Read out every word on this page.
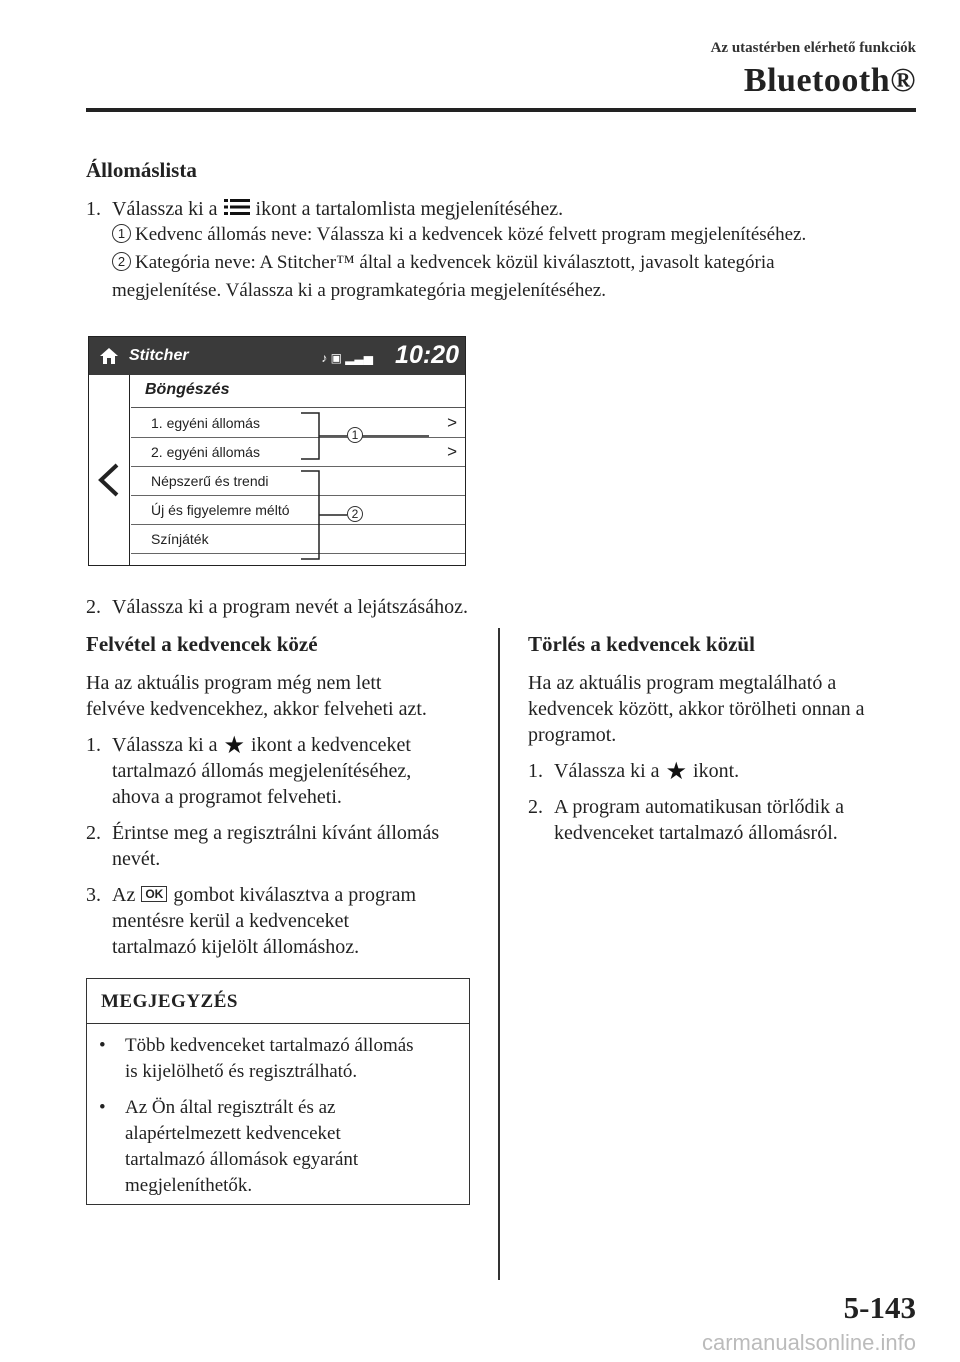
Az utastérben elérhető funkciók
Bluetooth®
Állomáslista
1. Válassza ki a ikont a tartalomlista megjelenítéséhez.
1 Kedvenc állomás neve: Válassza ki a kedvencek közé felvett program megjelenítéséhez.
2 Kategória neve: A Stitcher™ által a kedvencek közül kiválasztott, javasolt kategória
megjelenítése. Válassza ki a programkategória megjelenítéséhez.
Stitcher	♪ ▣ ▂▃▅ 10:20
Böngészés
1. egyéni állomás	>
2. egyéni állomás	>
Népszerű és trendi
Új és figyelemre méltó
Színjáték
1
2
2. Válassza ki a program nevét a lejátszásához.
Felvétel a kedvencek közé
Ha az aktuális program még nem lett
felvéve kedvencekhez, akkor felveheti azt.
1. Válassza ki a ★ ikont a kedvenceket
tartalmazó állomás megjelenítéséhez,
ahova a programot felveheti.
2. Érintse meg a regisztrálni kívánt állomás
nevét.
3. Az OK gombot kiválasztva a program
mentésre kerül a kedvenceket
tartalmazó kijelölt állomáshoz.
MEGJEGYZÉS
• Több kedvenceket tartalmazó állomás
is kijelölhető és regisztrálható.
• Az Ön által regisztrált és az
alapértelmezett kedvenceket
tartalmazó állomások egyaránt
megjeleníthetők.
Törlés a kedvencek közül
Ha az aktuális program megtalálható a
kedvencek között, akkor törölheti onnan a
programot.
1. Válassza ki a ★ ikont.
2. A program automatikusan törlődik a
kedvenceket tartalmazó állomásról.
5-143
carmanualsonline.info
